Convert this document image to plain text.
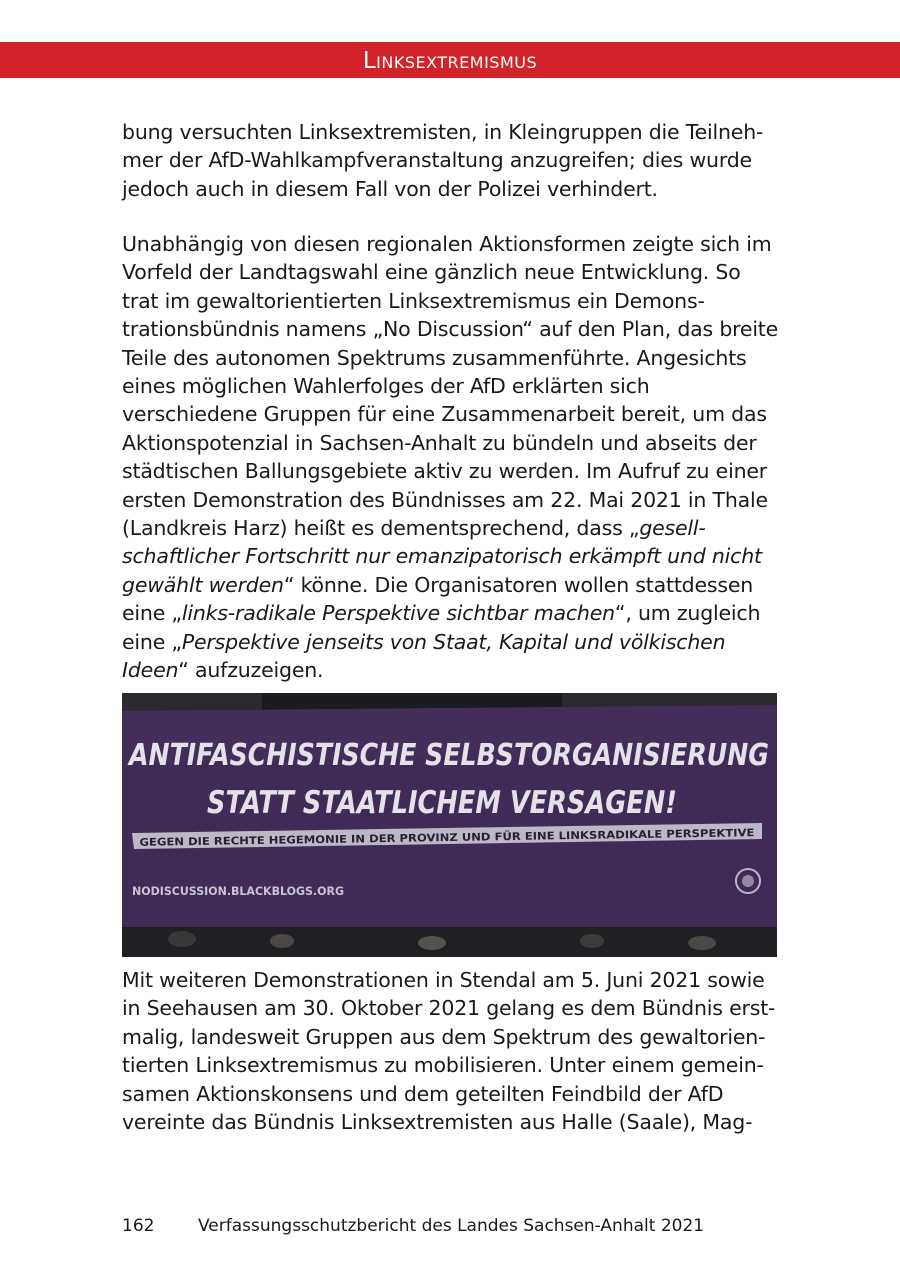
Linksextremismus

bung versuchten Linksextremisten, in Kleingruppen die Teilnehmer der AfD-Wahlkampfveranstaltung anzugreifen; dies wurde jedoch auch in diesem Fall von der Polizei verhindert.

Unabhängig von diesen regionalen Aktionsformen zeigte sich im Vorfeld der Landtagswahl eine gänzlich neue Entwicklung. So trat im gewaltorientierten Linksextremismus ein Demonstrationsbündnis namens „No Discussion“ auf den Plan, das breite Teile des autonomen Spektrums zusammenführte. Angesichts eines möglichen Wahlerfolges der AfD erklärten sich verschiedene Gruppen für eine Zusammenarbeit bereit, um das Aktionspotenzial in Sachsen-Anhalt zu bündeln und abseits der städtischen Ballungsgebiete aktiv zu werden. Im Aufruf zu einer ersten Demonstration des Bündnisses am 22. Mai 2021 in Thale (Landkreis Harz) heißt es dementsprechend, dass „gesellschaftlicher Fortschritt nur emanzipatorisch erkämpft und nicht gewählt werden“ könne. Die Organisatoren wollen stattdessen eine „links-radikale Perspektive sichtbar machen“, um zugleich eine „Perspektive jenseits von Staat, Kapital und völkischen Ideen“ aufzuzeigen.

ANTIFASCHISTISCHE SELBSTORGANISIERUNG
STATT STAATLICHEM VERSAGEN!
GEGEN DIE RECHTE HEGEMONIE IN DER PROVINZ UND FÜR EINE LINKSRADIKALE PERSPEKTIVE
NODISCUSSION.BLACKBLOGS.ORG

Mit weiteren Demonstrationen in Stendal am 5. Juni 2021 sowie in Seehausen am 30. Oktober 2021 gelang es dem Bündnis erstmalig, landesweit Gruppen aus dem Spektrum des gewaltorientierten Linksextremismus zu mobilisieren. Unter einem gemeinsamen Aktionskonsens und dem geteilten Feindbild der AfD vereinte das Bündnis Linksextremisten aus Halle (Saale), Mag-

162	Verfassungsschutzbericht des Landes Sachsen-Anhalt 2021
